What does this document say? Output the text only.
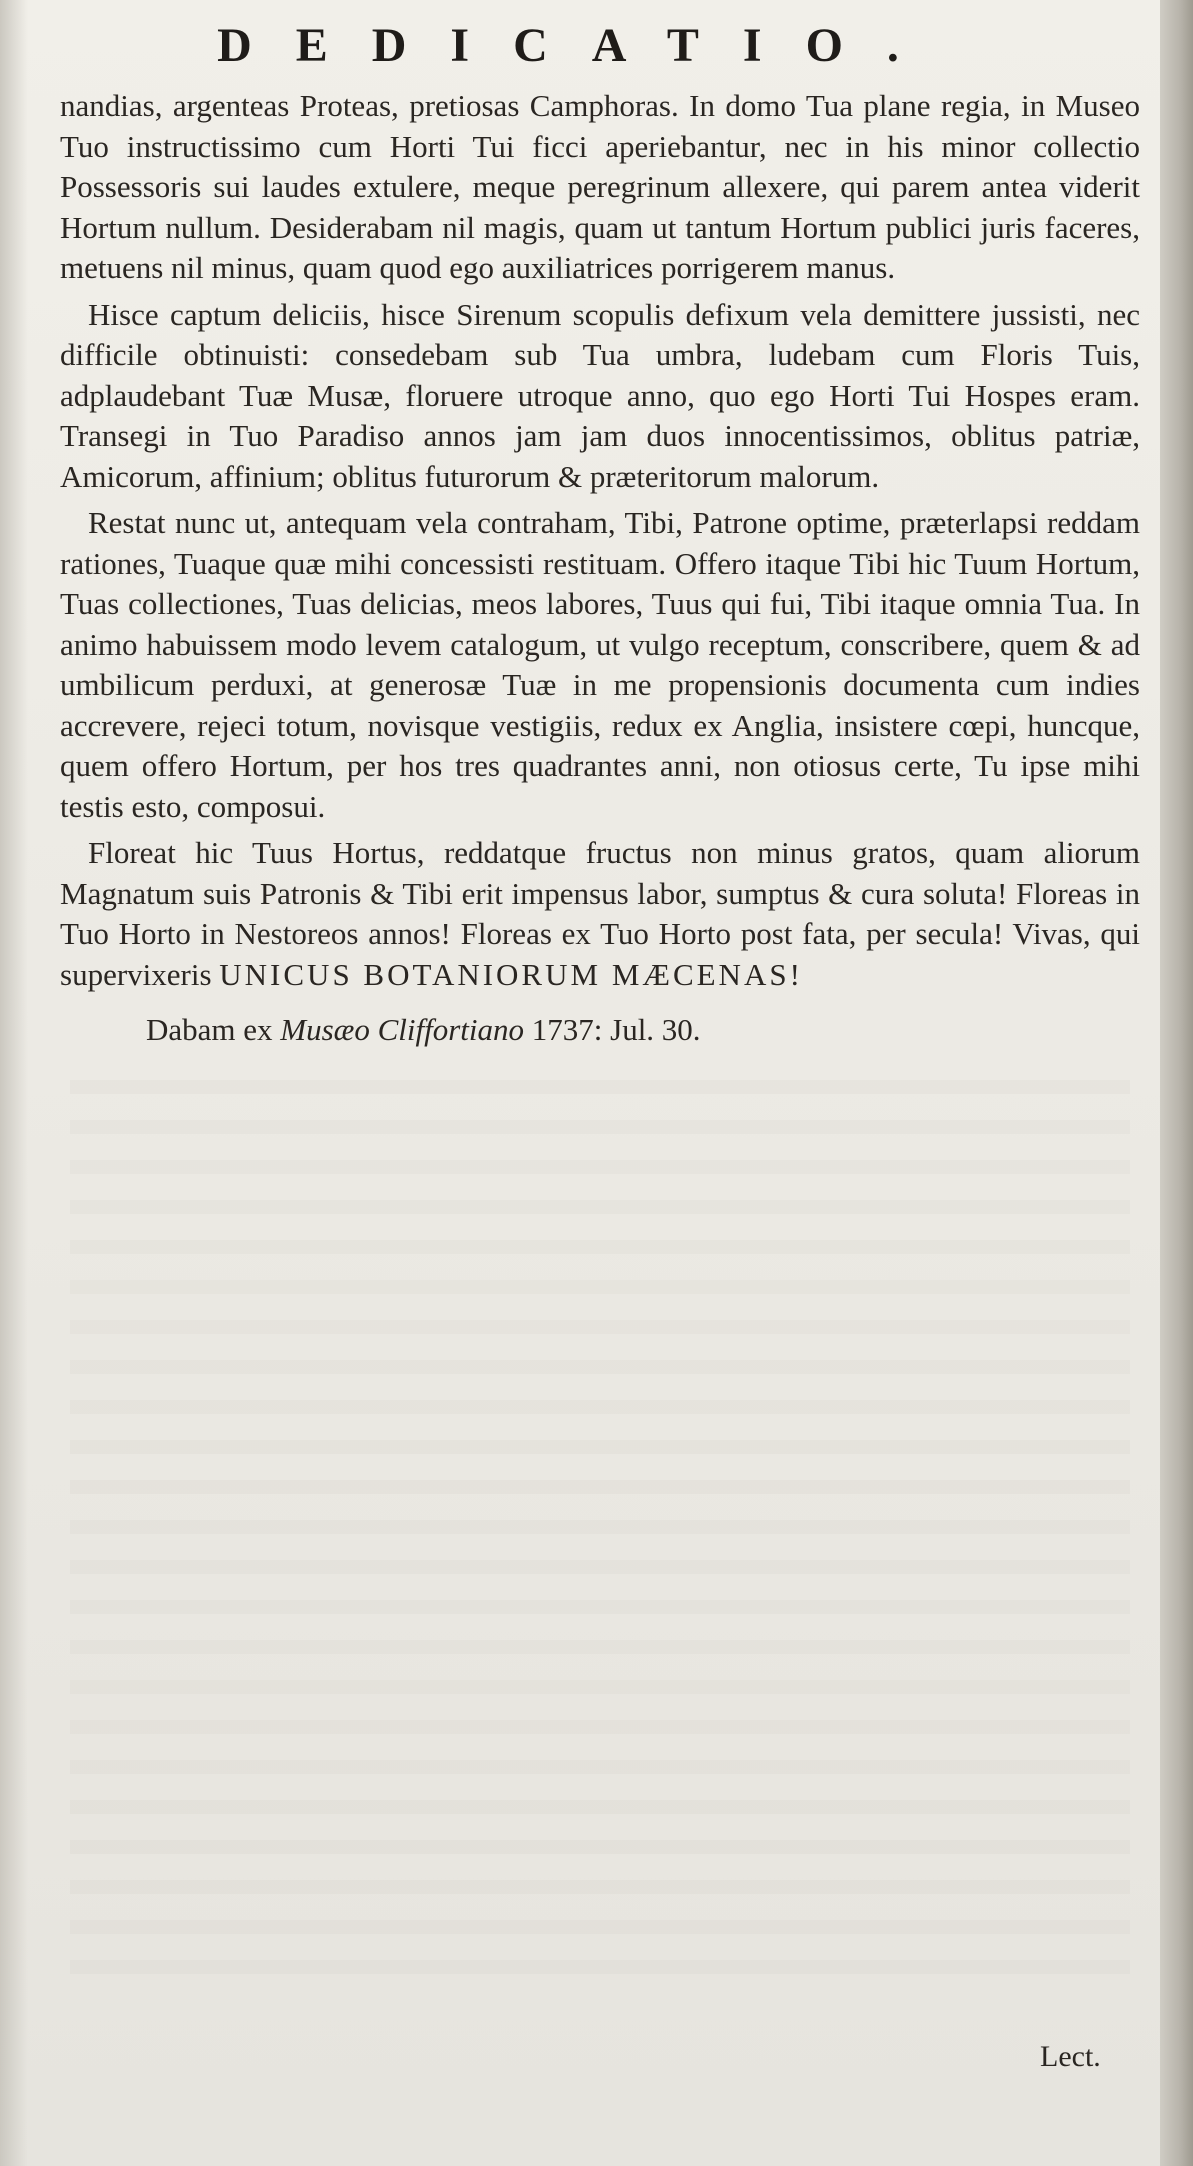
DEDICATIO.

nandias, argenteas Proteas, pretiosas Camphoras. In domo Tua plane regia, in Museo Tuo instructissimo cum Horti Tui ficci aperiebantur, nec in his minor collectio Possessoris sui laudes extulere, meque peregrinum allexere, qui parem antea viderit Hortum nullum. Desiderabam nil magis, quam ut tantum Hortum publici juris faceres, metuens nil minus, quam quod ego auxiliatrices porrigerem manus.

Hisce captum deliciis, hisce Sirenum scopulis defixum vela demittere jussisti, nec difficile obtinuisti: consedebam sub Tua umbra, ludebam cum Floris Tuis, adplaudebant Tuæ Musæ, floruere utroque anno, quo ego Horti Tui Hospes eram. Transegi in Tuo Paradiso annos jam jam duos innocentissimos, oblitus patriæ, Amicorum, affinium; oblitus futurorum & præteritorum malorum.

Restat nunc ut, antequam vela contraham, Tibi, Patrone optime, præterlapsi reddam rationes, Tuaque quæ mihi concessisti restituam. Offero itaque Tibi hic Tuum Hortum, Tuas collectiones, Tuas delicias, meos labores, Tuus qui fui, Tibi itaque omnia Tua. In animo habuissem modo levem catalogum, ut vulgo receptum, conscribere, quem & ad umbilicum perduxi, at generosæ Tuæ in me propensionis documenta cum indies accrevere, rejeci totum, novisque vestigiis, redux ex Anglia, insistere cœpi, huncque, quem offero Hortum, per hos tres quadrantes anni, non otiosus certe, Tu ipse mihi testis esto, composui.

Floreat hic Tuus Hortus, reddatque fructus non minus gratos, quam aliorum Magnatum suis Patronis & Tibi erit impensus labor, sumptus & cura soluta! Floreas in Tuo Horto in Nestoreos annos! Floreas ex Tuo Horto post fata, per secula! Vivas, qui supervixeris UNICUS BOTANIORUM MÆCENAS!

Dabam ex Musæo Cliffortiano 1737: Jul. 30.
Lect.
